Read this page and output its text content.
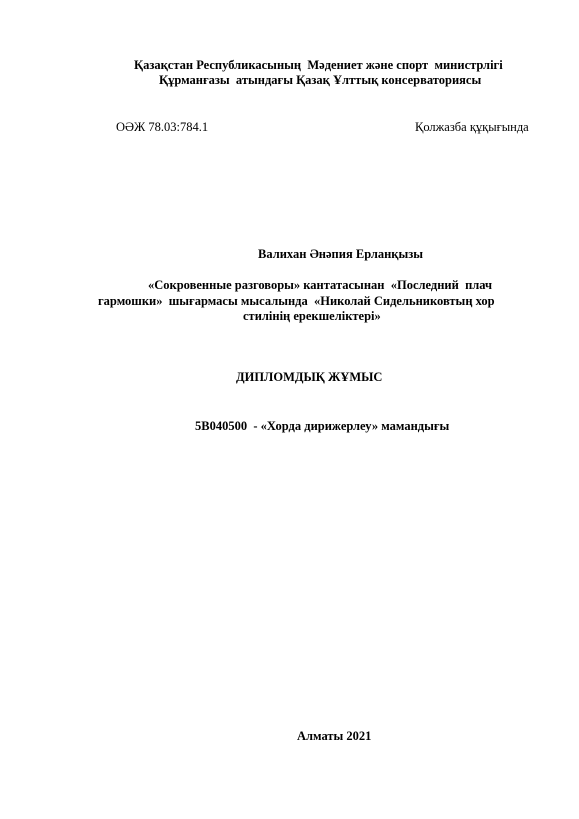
Қазақстан Республикасының  Мәдениет және спорт  министрлігі
Құрманғазы  атындағы Қазақ Ұлттық консерваториясы
ОӘЖ 78.03:784.1	Қолжазба құқығында
Валихан Әнәпия Ерланқызы
«Сокровенные разговоры» кантатасынан  «Последний  плач
гармошки»  шығармасы мысалында  «Николай Сидельниковтың хор
стилінің ерекшеліктері»
ДИПЛОМДЫҚ ЖҰМЫС
5В040500  - «Хорда дирижерлеу» мамандығы
Алматы 2021
